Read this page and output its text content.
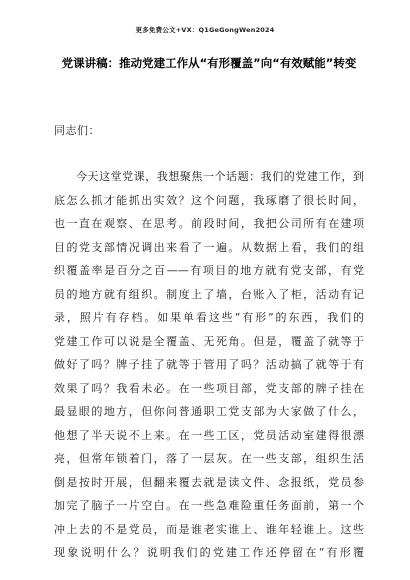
更多免费公文+VX：Q1GeGongWen2024
党课讲稿：推动党建工作从“有形覆盖”向“有效赋能”转变
同志们：
今天这堂党课，我想聚焦一个话题：我们的党建工作，到
底怎么抓才能抓出实效？这个问题，我琢磨了很长时间，
也一直在观察、在思考。前段时间，我把公司所有在建项
目的党支部情况调出来看了一遍。从数据上看，我们的组
织覆盖率是百分之百——有项目的地方就有党支部，有党
员的地方就有组织。制度上了墙，台账入了柜，活动有记
录，照片有存档。如果单看这些“有形”的东西，我们的
党建工作可以说是全覆盖、无死角。但是，覆盖了就等于
做好了吗？牌子挂了就等于管用了吗？活动搞了就等于有
效果了吗？我看未必。在一些项目部，党支部的牌子挂在
最显眼的地方，但你问普通职工党支部为大家做了什么，
他想了半天说不上来。在一些工区，党员活动室建得很漂
亮，但常年锁着门，落了一层灰。在一些支部，组织生活
倒是按时开展，但翻来覆去就是读文件、念报纸，党员参
加完了脑子一片空白。在一些急难险重任务面前，第一个
冲上去的不是党员，而是谁老实谁上、谁年轻谁上。这些
现象说明什么？说明我们的党建工作还停留在“有形覆
